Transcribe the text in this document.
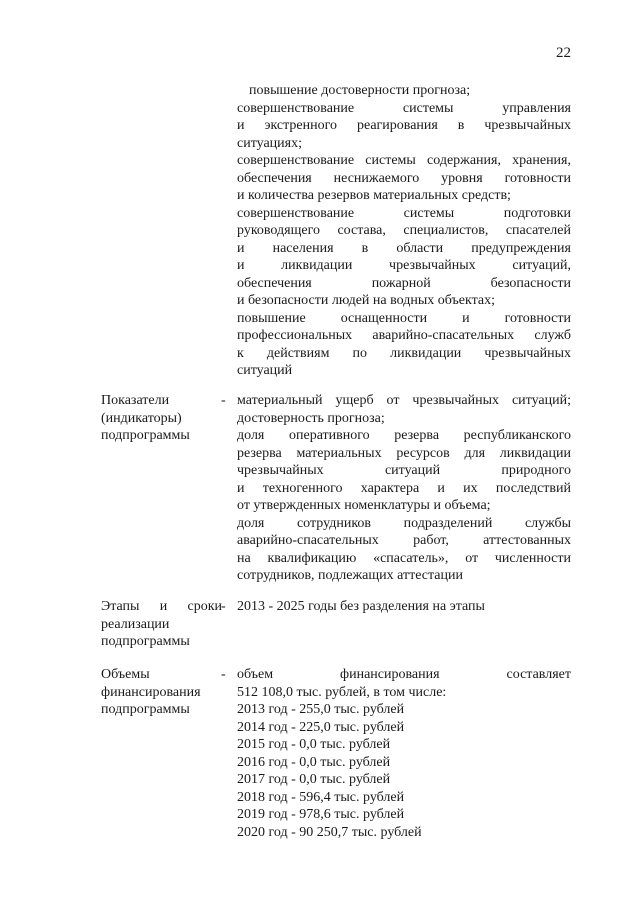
22
повышение достоверности прогноза;
совершенствование системы управления
и экстренного реагирования в чрезвычайных
ситуациях;
совершенствование системы содержания, хранения,
обеспечения неснижаемого уровня готовности
и количества резервов материальных средств;
совершенствование системы подготовки
руководящего состава, специалистов, спасателей
и населения в области предупреждения
и ликвидации чрезвычайных ситуаций,
обеспечения пожарной безопасности
и безопасности людей на водных объектах;
повышение оснащенности и готовности
профессиональных аварийно-спасательных служб
к действиям по ликвидации чрезвычайных
ситуаций
Показатели
(индикаторы)
подпрограммы
- материальный ущерб от чрезвычайных ситуаций;
достоверность прогноза;
доля оперативного резерва республиканского
резерва материальных ресурсов для ликвидации
чрезвычайных ситуаций природного
и техногенного характера и их последствий
от утвержденных номенклатуры и объема;
доля сотрудников подразделений службы
аварийно-спасательных работ, аттестованных
на квалификацию «спасатель», от численности
сотрудников, подлежащих аттестации
Этапы и сроки
реализации
подпрограммы
- 2013 - 2025 годы без разделения на этапы
Объемы
финансирования
подпрограммы
- объем финансирования составляет
512 108,0 тыс. рублей, в том числе:
2013 год - 255,0 тыс. рублей
2014 год - 225,0 тыс. рублей
2015 год - 0,0 тыс. рублей
2016 год - 0,0 тыс. рублей
2017 год - 0,0 тыс. рублей
2018 год - 596,4 тыс. рублей
2019 год - 978,6 тыс. рублей
2020 год - 90 250,7 тыс. рублей
